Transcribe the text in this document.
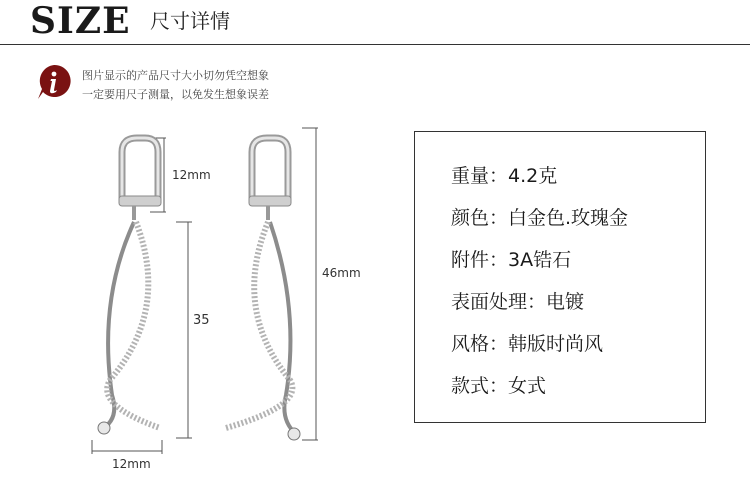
SIZE 尺寸详情
图片显示的产品尺寸大小切勿凭空想象
一定要用尺子测量，以免发生想象误差
12mm
35
46mm
12mm
重量：4.2克
颜色：白金色.玫瑰金
附件：3A锆石
表面处理：电镀
风格：韩版时尚风
款式：女式
